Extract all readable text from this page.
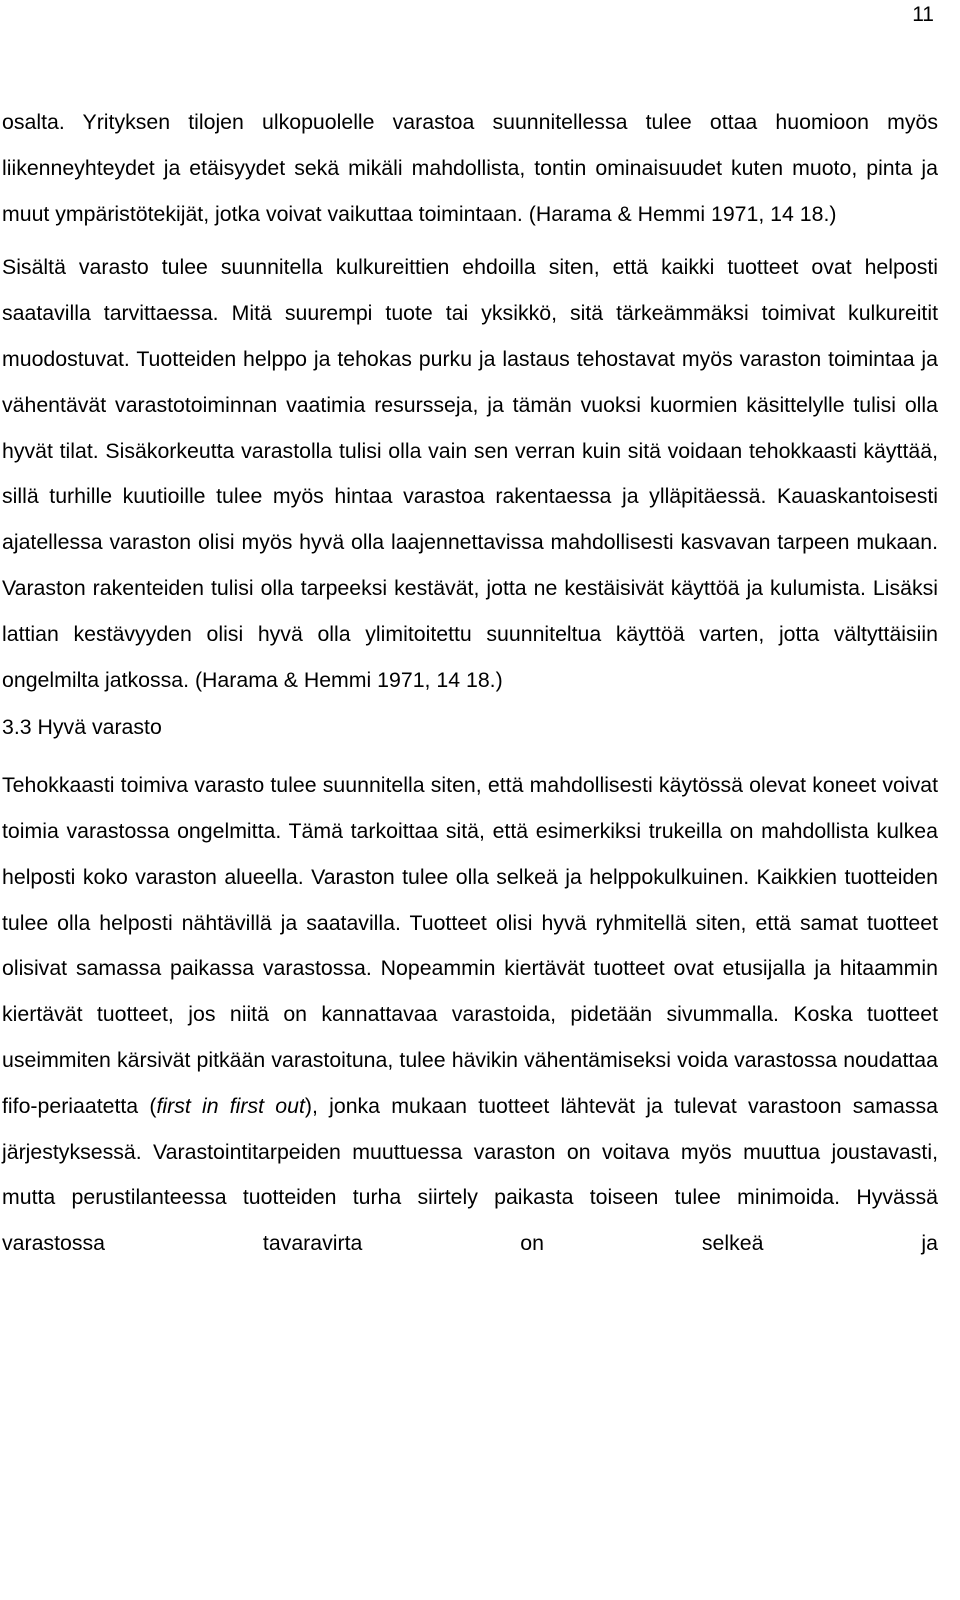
11

osalta. Yrityksen tilojen ulkopuolelle varastoa suunnitellessa tulee ottaa huomioon myös liikenneyhteydet ja etäisyydet sekä mikäli mahdollista, tontin ominaisuudet kuten muoto, pinta ja muut ympäristötekijät, jotka voivat vaikuttaa toimintaan. (Harama & Hemmi 1971, 14 18.)

Sisältä varasto tulee suunnitella kulkureittien ehdoilla siten, että kaikki tuotteet ovat helposti saatavilla tarvittaessa. Mitä suurempi tuote tai yksikkö, sitä tärkeämmäksi toimivat kulkureitit muodostuvat. Tuotteiden helppo ja tehokas purku ja lastaus tehostavat myös varaston toimintaa ja vähentävät varastotoiminnan vaatimia resursseja, ja tämän vuoksi kuormien käsittelylle tulisi olla hyvät tilat. Sisäkorkeutta varastolla tulisi olla vain sen verran kuin sitä voidaan tehokkaasti käyttää, sillä turhille kuutioille tulee myös hintaa varastoa rakentaessa ja ylläpitäessä. Kauaskantoisesti ajatellessa varaston olisi myös hyvä olla laajennettavissa mahdollisesti kasvavan tarpeen mukaan. Varaston rakenteiden tulisi olla tarpeeksi kestävät, jotta ne kestäisivät käyttöä ja kulumista. Lisäksi lattian kestävyyden olisi hyvä olla ylimitoitettu suunniteltua käyttöä varten, jotta vältyttäisiin ongelmilta jatkossa. (Harama & Hemmi 1971, 14 18.)

3.3 Hyvä varasto

Tehokkaasti toimiva varasto tulee suunnitella siten, että mahdollisesti käytössä olevat koneet voivat toimia varastossa ongelmitta. Tämä tarkoittaa sitä, että esimerkiksi trukeilla on mahdollista kulkea helposti koko varaston alueella. Varaston tulee olla selkeä ja helppokulkuinen. Kaikkien tuotteiden tulee olla helposti nähtävillä ja saatavilla. Tuotteet olisi hyvä ryhmitellä siten, että samat tuotteet olisivat samassa paikassa varastossa. Nopeammin kiertävät tuotteet ovat etusijalla ja hitaammin kiertävät tuotteet, jos niitä on kannattavaa varastoida, pidetään sivummalla. Koska tuotteet useimmiten kärsivät pitkään varastoituna, tulee hävikin vähentämiseksi voida varastossa noudattaa fifo-periaatetta (first in first out), jonka mukaan tuotteet lähtevät ja tulevat varastoon samassa järjestyksessä. Varastointitarpeiden muuttuessa varaston on voitava myös muuttua joustavasti, mutta perustilanteessa tuotteiden turha siirtely paikasta toiseen tulee minimoida. Hyvässä varastossa tavaravirta on selkeä ja
